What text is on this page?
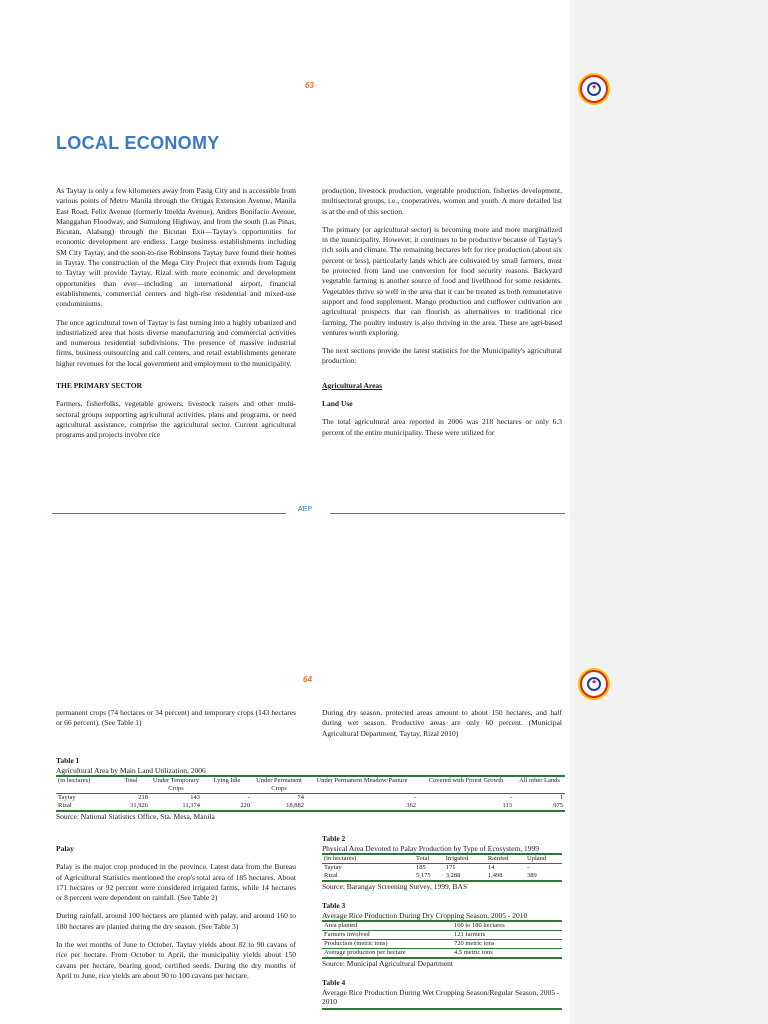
63	★
LOCAL ECONOMY

As Taytay is only a few kilometers away from Pasig City and is accessible from various points of Metro Manila through the Ortigas Extension Avenue, Manila East Road, Felix Avenue (formerly Imelda Avenue), Andres Bonifacio Avenue, Manggahan Floodway, and Sumulong Highway, and from the south (Las Pinas, Bicutan, Alabang) through the Bicutan Exit—Taytay's opportunities for economic development are endless. Large business establishments including SM City Taytay, and the soon-to-rise Robinsons Taytay have found their homes in Taytay. The construction of the Mega City Project that extends from Taguig to Taytay will provide Taytay, Rizal with more economic and development opportunities than ever—including an international airport, financial establishments, commercial centers and high-rise residential and mixed-use condominiums.

The once agricultural town of Taytay is fast turning into a highly urbanized and industrialized area that hosts diverse manufacturing and commercial activities and numerous residential subdivisions. The presence of massive industrial firms, business outsourcing and call centers, and retail establishments generate higher revenues for the local government and employment to the municipality.

THE PRIMARY SECTOR

Farmers, fisherfolks, vegetable growers, livestock raisers and other multi-sectoral groups supporting agricultural activities, plans and programs, or need agricultural assistance, comprise the agricultural sector. Current agricultural programs and projects involve rice

production, livestock production, vegetable production, fisheries development, multisectoral groups, i.e., cooperatives, women and youth. A more detailed list is at the end of this section.

The primary (or agricultural sector) is becoming more and more marginalized in the municipality. However, it continues to be productive because of Taytay's rich soils and climate. The remaining hectares left for rice production (about six percent or less), particularly lands which are cultivated by small farmers, must be protected from land use conversion for food security reasons. Backyard vegetable farming is another source of food and livelihood for some residents. Vegetables thrive so well in the area that it can be treated as both remunerative support and food supplement. Mango production and cutflower cultivation are agricultural prospects that can flourish as alternatives to traditional rice farming. The poultry industry is also thriving in the area. These are agri-based ventures worth exploring.

The next sections provide the latest statistics for the Municipality's agricultural production:

Agricultural Areas

Land Use

The total agricultural area reported in 2006 was 218 hectares or only 6.3 percent of the entire municipality. These were utilized for

AEP
64	★

permanent crops (74 hectares or 34 percent) and temporary crops (143 hectares or 66 percent). (See Table 1)

During dry season, protected areas amount to about 150 hectares, and half during wet season. Productive areas are only 60 percent. (Municipal Agricultural Department, Taytay, Rizal 2010)

Table 1
Agricultural Area by Main Land Utilization, 2006
(in hectares)	Total	Under Temporary Crops	Lying Idle	Under Permanent Crops	Under Permanent Meadow/Pasture	Covered with Forest Growth	All other Lands
Taytay	218	143	-	74	-	-	1
Rizal	31,926	11,374	220	18,882	362	113	975
Source: National Statistics Office, Sta. Mesa, Manila

Palay

Palay is the major crop produced in the province. Latest data from the Bureau of Agricultural Statistics mentioned the crop's total area of 185 hectares. About 171 hectares or 92 percent were considered irrigated farms, while 14 hectares or 8 percent were dependent on rainfall. (See Table 2)

During rainfall, around 100 hectares are planted with palay, and around 160 to 180 hectares are planted during the dry season. (See Table 3)

In the wet months of June to October, Taytay yields about 82 to 90 cavans of rice per hectare. From October to April, the municipality yields about 150 cavans per hectare, bearing good, certified seeds. During the dry months of April to June, rice yields are about 90 to 100 cavans per hectare.

Table 2
Physical Area Devoted to Palay Production by Type of Ecosystem, 1999
(in hectares)	Total	Irrigated	Rainfed	Upland
Taytay	185	171	14	-
Rizal	5,175	3,288	1,498	389
Source: Barangay Screening Survey, 1999, BAS
Table 3
Average Rice Production During Dry Cropping Season, 2005 - 2010
Area planted	160 to 180 hectares
Farmers involved	121 farmers
Production (metric tons)	720 metric tons
Average production per hectare	4.5 metric tons
Source: Municipal Agricultural Department
Table 4
Average Rice Production During Wet Cropping Season/Regular Season, 2005 - 2010
